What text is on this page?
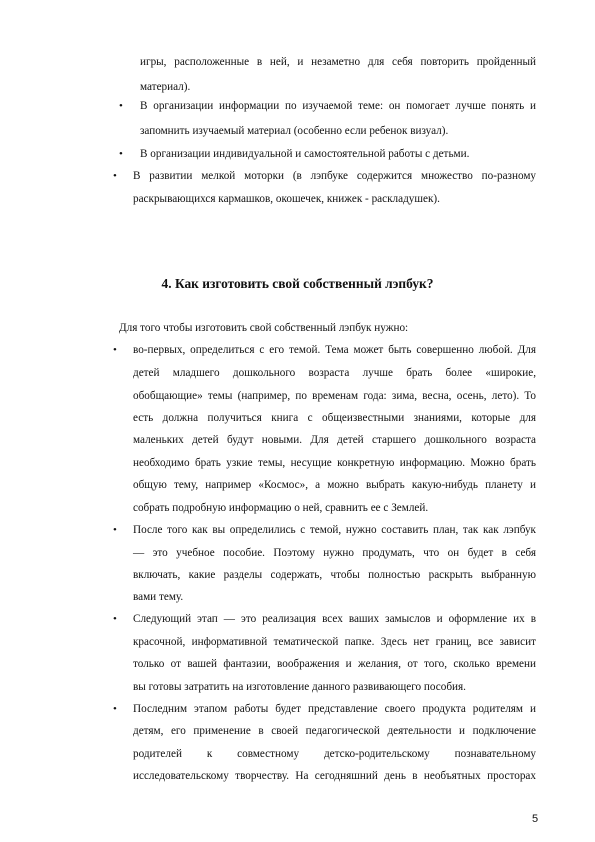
игры, расположенные в ней, и незаметно для себя повторить пройденный
материал).
• В организации информации по изучаемой теме: он помогает лучше понять и
запомнить изучаемый материал (особенно если ребенок визуал).
• В организации индивидуальной и самостоятельной работы с детьми.
• В развитии мелкой моторки (в лэпбуке содержится множество по-разному
раскрывающихся кармашков, окошечек, книжек - раскладушек).
4. Как изготовить свой собственный лэпбук?
Для того чтобы изготовить свой собственный лэпбук нужно:
• во-первых, определиться с его темой. Тема может быть совершенно любой. Для
детей младшего дошкольного возраста лучше брать более «широкие,
обобщающие» темы (например, по временам года: зима, весна, осень, лето). То
есть должна получиться книга с общеизвестными знаниями, которые для
маленьких детей будут новыми. Для детей старшего дошкольного возраста
необходимо брать узкие темы, несущие конкретную информацию. Можно брать
общую тему, например «Космос», а можно выбрать какую-нибудь планету и
собрать подробную информацию о ней, сравнить ее с Землей.
• После того как вы определились с темой, нужно составить план, так как лэпбук
— это учебное пособие. Поэтому нужно продумать, что он будет в себя
включать, какие разделы содержать, чтобы полностью раскрыть выбранную
вами тему.
• Следующий этап — это реализация всех ваших замыслов и оформление их в
красочной, информативной тематической папке. Здесь нет границ, все зависит
только от вашей фантазии, воображения и желания, от того, сколько времени
вы готовы затратить на изготовление данного развивающего пособия.
• Последним этапом работы будет представление своего продукта родителям и
детям, его применение в своей педагогической деятельности и подключение
родителей к совместному детско-родительскому познавательному
исследовательскому творчеству. На сегодняшний день в необъятных просторах
5
